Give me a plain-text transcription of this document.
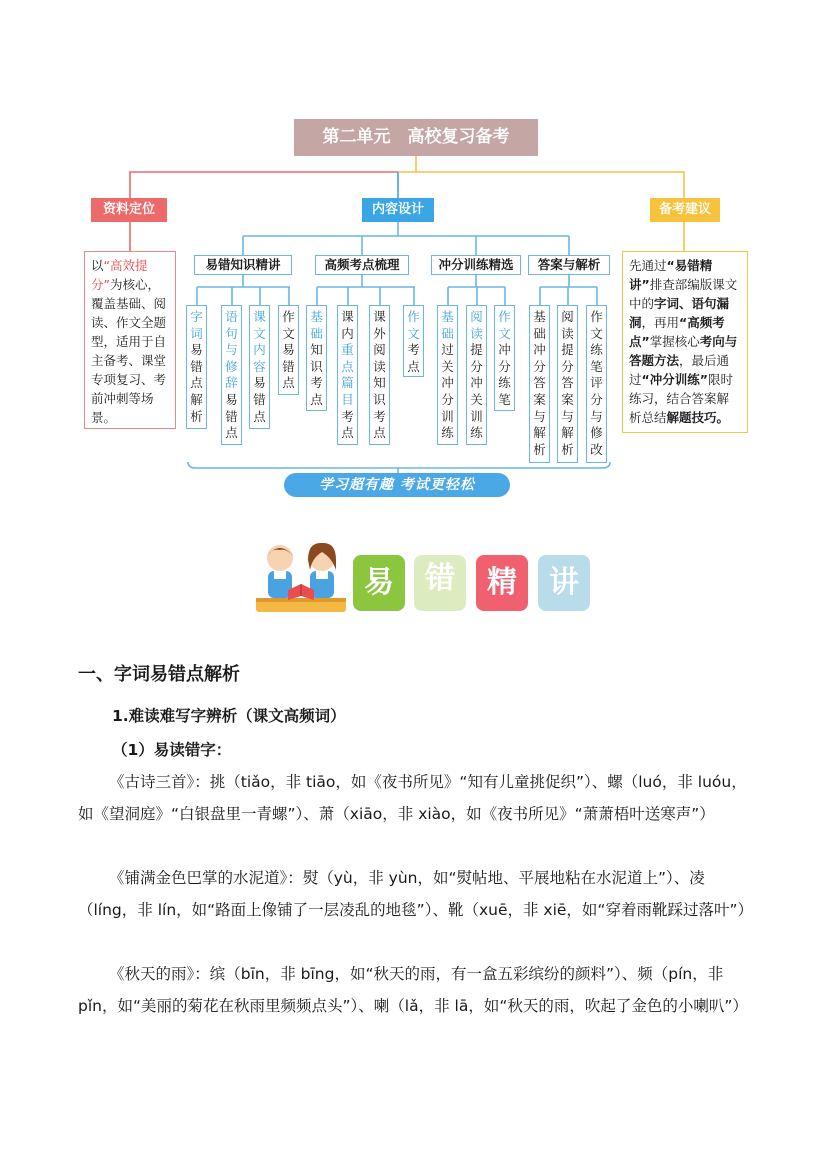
第二单元　高校复习备考
资料定位	内容设计	备考建议
以“高效提分”为核心，覆盖基础、阅读、作文全题型，适用于自主备考、课堂专项复习、考前冲刺等场景。
先通过“易错精讲”排查部编版课文中的字词、语句漏洞，再用“高频考点”掌握核心考向与答题方法，最后通过“冲分训练”限时练习，结合答案解析总结解题技巧。
易错知识精讲	高频考点梳理	冲分训练精选	答案与解析
字词易错点解析
语句与修辞易错点
课文内容易错点
作文易错点
基础知识考点
课内重点篇目考点
课外阅读知识考点
作文考点
基础过关冲分训练
阅读提分冲关训练
作文冲分练笔
基础冲分答案与解析
阅读提分答案与解析
作文练笔评分与修改
学习超有趣 考试更轻松
易	错	精	讲
一、字词易错点解析
1.难读难写字辨析（课文高频词）
（1）易读错字：
《古诗三首》：挑（tiǎo，非 tiāo，如《夜书所见》“知有儿童挑促织”）、螺（luó，非 luóu，如《望洞庭》“白银盘里一青螺”）、萧（xiāo，非 xiào，如《夜书所见》“萧萧梧叶送寒声”）
《铺满金色巴掌的水泥道》：熨（yù，非 yùn，如“熨帖地、平展地粘在水泥道上”）、凌（líng，非 lín，如“路面上像铺了一层凌乱的地毯”）、靴（xuē，非 xiē，如“穿着雨靴踩过落叶”）
《秋天的雨》：缤（bīn，非 bīng，如“秋天的雨，有一盒五彩缤纷的颜料”）、频（pín，非 pǐn，如“美丽的菊花在秋雨里频频点头”）、喇（lǎ，非 lā，如“秋天的雨，吹起了金色的小喇叭”）
